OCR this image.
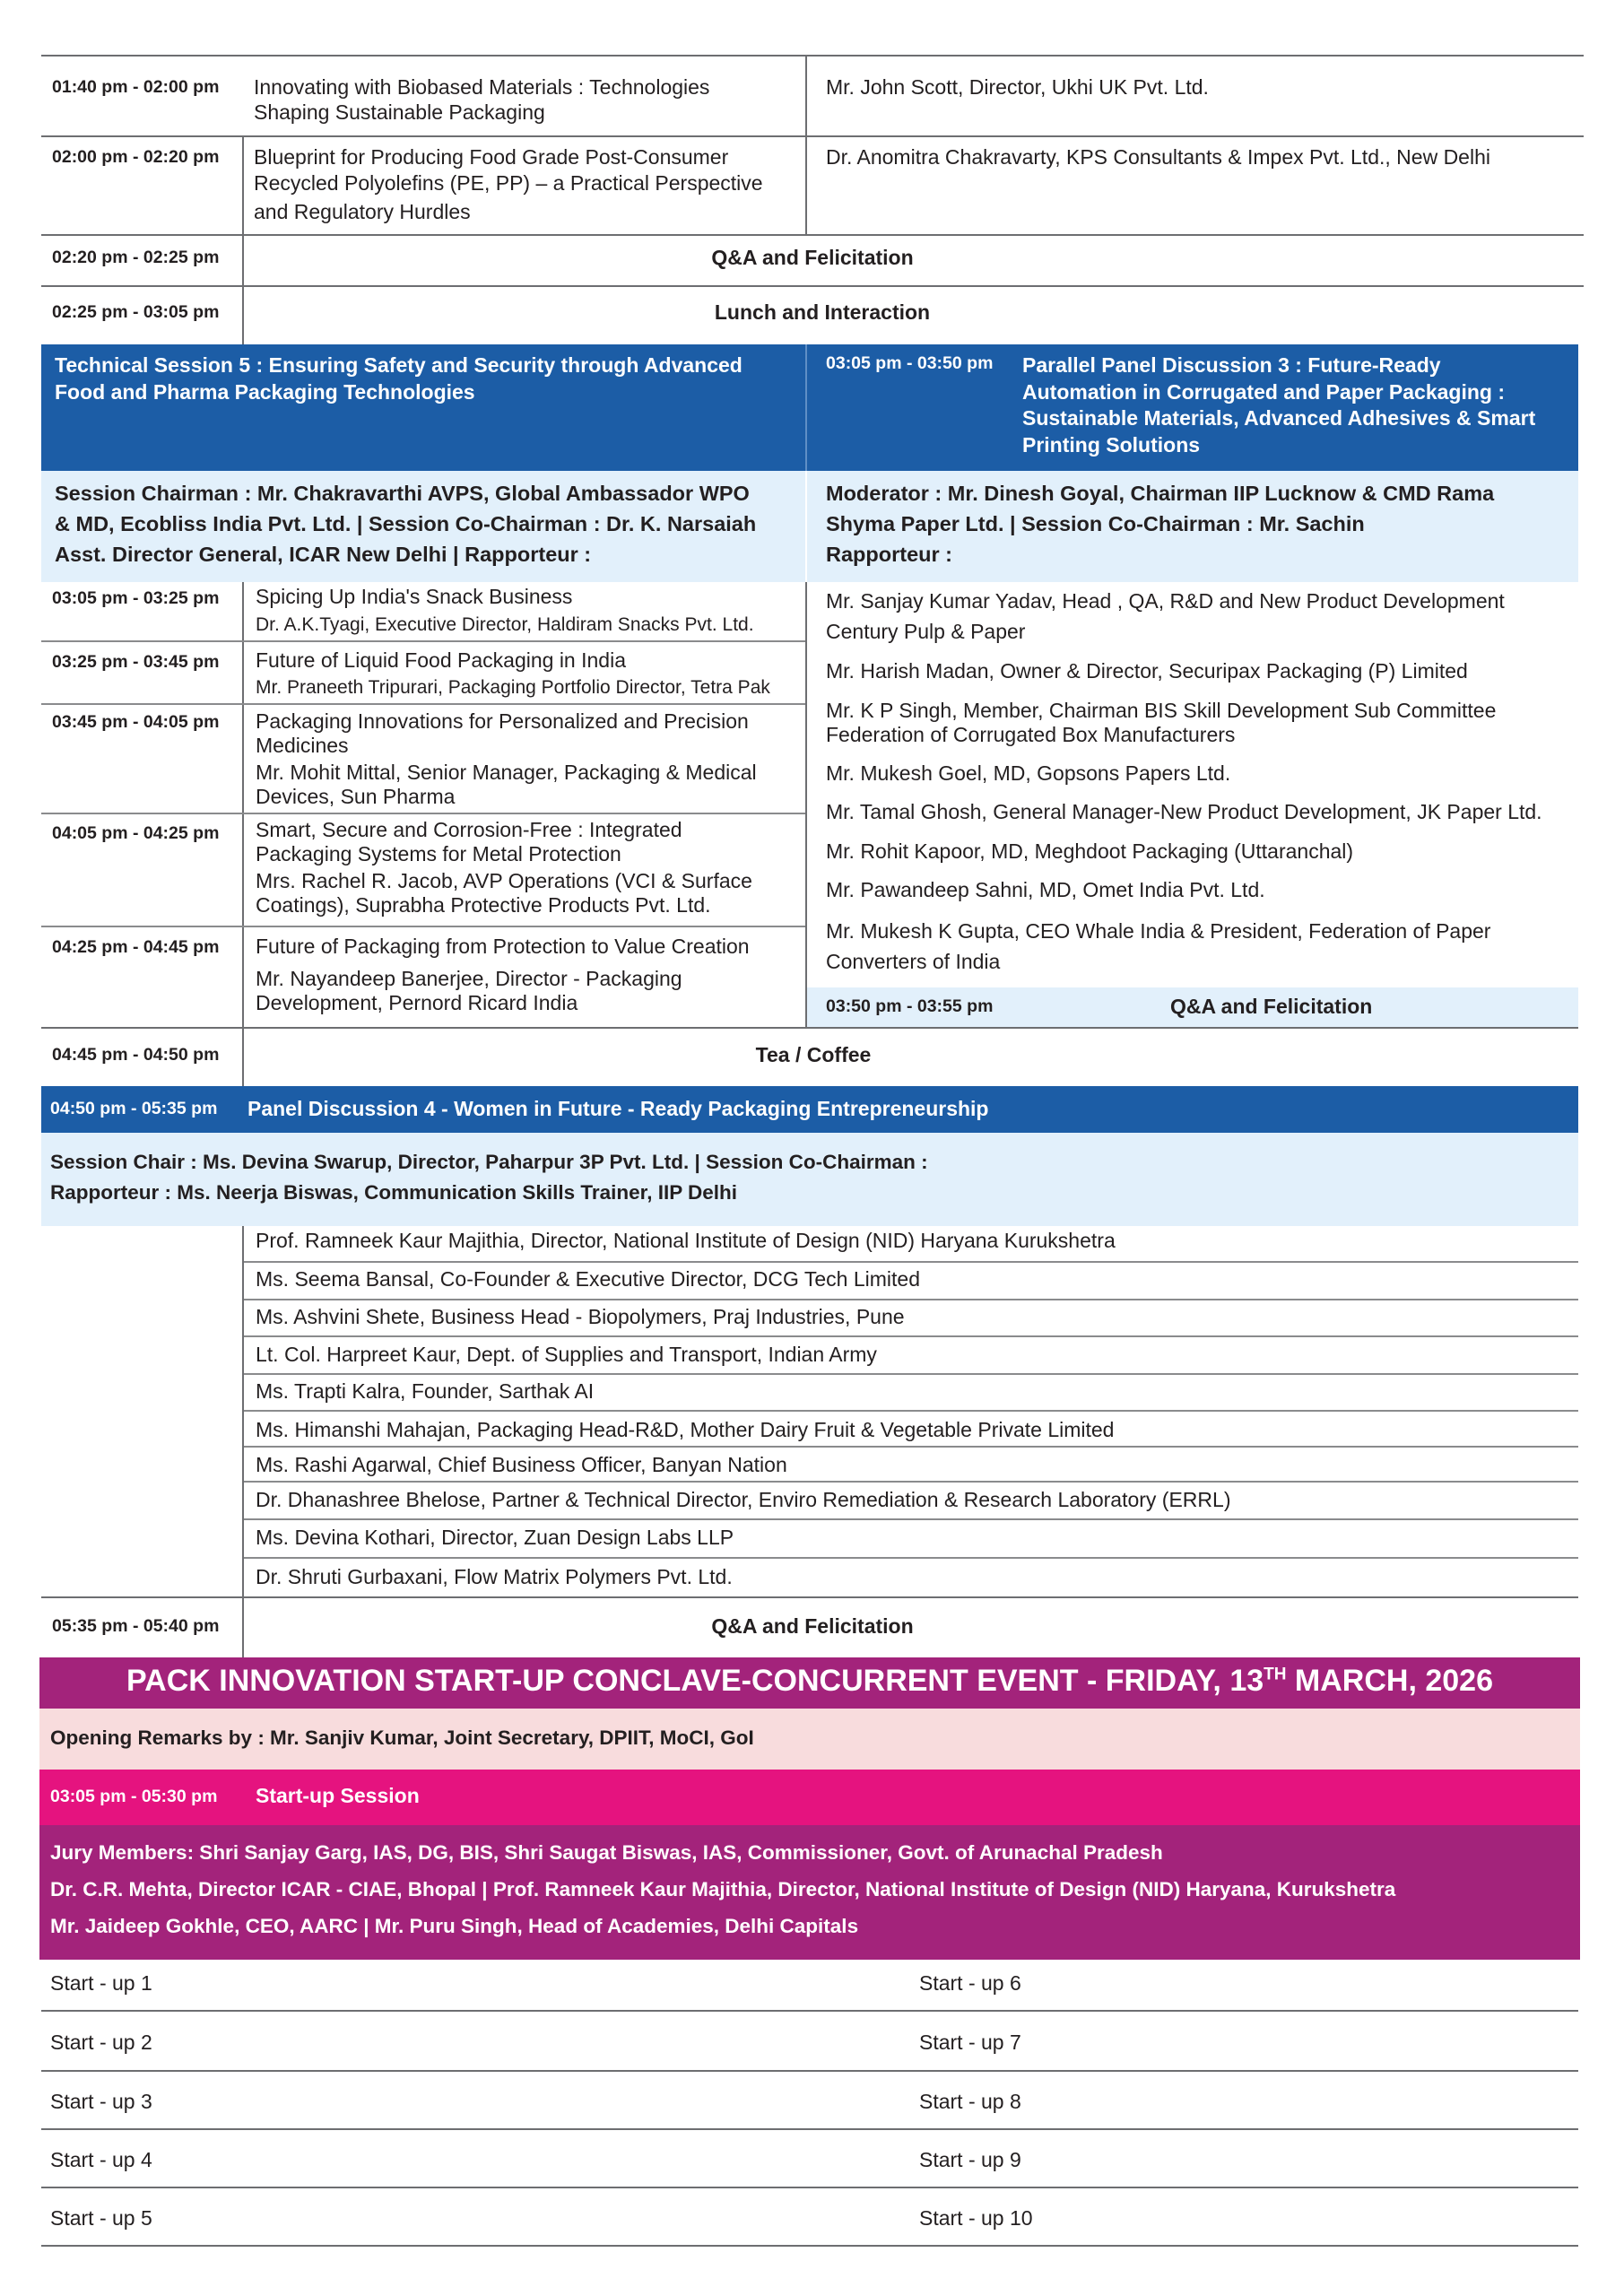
01:40 pm - 02:00 pm Innovating with Biobased Materials : Technologies
Shaping Sustainable Packaging
Mr. John Scott, Director, Ukhi UK Pvt. Ltd.
02:00 pm - 02:20 pm Blueprint for Producing Food Grade Post-Consumer
Recycled Polyolefins (PE, PP) – a Practical Perspective
and Regulatory Hurdles
Dr. Anomitra Chakravarty, KPS Consultants & Impex Pvt. Ltd., New Delhi
02:20 pm - 02:25 pm	Q&A and Felicitation
02:25 pm - 03:05 pm	Lunch and Interaction
Technical Session 5 : Ensuring Safety and Security through Advanced
Food and Pharma Packaging Technologies
03:05 pm - 03:50 pm Parallel Panel Discussion 3 : Future-Ready
Automation in Corrugated and Paper Packaging :
Sustainable Materials, Advanced Adhesives & Smart
Printing Solutions
Session Chairman : Mr. Chakravarthi AVPS, Global Ambassador WPO
& MD, Ecobliss India Pvt. Ltd. | Session Co-Chairman : Dr. K. Narsaiah
Asst. Director General, ICAR New Delhi | Rapporteur :
Moderator : Mr. Dinesh Goyal, Chairman IIP Lucknow & CMD Rama
Shyma Paper Ltd. | Session Co-Chairman : Mr. Sachin
Rapporteur :
03:05 pm - 03:25 pm Spicing Up India's Snack Business
Dr. A.K.Tyagi, Executive Director, Haldiram Snacks Pvt. Ltd.
03:25 pm - 03:45 pm Future of Liquid Food Packaging in India
Mr. Praneeth Tripurari, Packaging Portfolio Director, Tetra Pak
03:45 pm - 04:05 pm Packaging Innovations for Personalized and Precision
Medicines
Mr. Mohit Mittal, Senior Manager, Packaging & Medical
Devices, Sun Pharma
04:05 pm - 04:25 pm Smart, Secure and Corrosion-Free : Integrated
Packaging Systems for Metal Protection
Mrs. Rachel R. Jacob, AVP Operations (VCI & Surface
Coatings), Suprabha Protective Products Pvt. Ltd.
04:25 pm - 04:45 pm Future of Packaging from Protection to Value Creation
Mr. Nayandeep Banerjee, Director - Packaging
Development, Pernord Ricard India
Mr. Sanjay Kumar Yadav, Head , QA, R&D and New Product Development
Century Pulp & Paper
Mr. Harish Madan, Owner & Director, Securipax Packaging (P) Limited
Mr. K P Singh, Member, Chairman BIS Skill Development Sub Committee
Federation of Corrugated Box Manufacturers
Mr. Mukesh Goel, MD, Gopsons Papers Ltd.
Mr. Tamal Ghosh, General Manager-New Product Development, JK Paper Ltd.
Mr. Rohit Kapoor, MD, Meghdoot Packaging (Uttaranchal)
Mr. Pawandeep Sahni, MD, Omet India Pvt. Ltd.
Mr. Mukesh K Gupta, CEO Whale India & President, Federation of Paper
Converters of India
03:50 pm - 03:55 pm	Q&A and Felicitation
04:45 pm - 04:50 pm	Tea / Coffee
04:50 pm - 05:35 pm Panel Discussion 4 - Women in Future - Ready Packaging Entrepreneurship
Session Chair : Ms. Devina Swarup, Director, Paharpur 3P Pvt. Ltd. | Session Co-Chairman :
Rapporteur : Ms. Neerja Biswas, Communication Skills Trainer, IIP Delhi
Prof. Ramneek Kaur Majithia, Director, National Institute of Design (NID) Haryana Kurukshetra
Ms. Seema Bansal, Co-Founder & Executive Director, DCG Tech Limited
Ms. Ashvini Shete, Business Head - Biopolymers, Praj Industries, Pune
Lt. Col. Harpreet Kaur, Dept. of Supplies and Transport, Indian Army
Ms. Trapti Kalra, Founder, Sarthak AI
Ms. Himanshi Mahajan, Packaging Head-R&D, Mother Dairy Fruit & Vegetable Private Limited
Ms. Rashi Agarwal, Chief Business Officer, Banyan Nation
Dr. Dhanashree Bhelose, Partner & Technical Director, Enviro Remediation & Research Laboratory (ERRL)
Ms. Devina Kothari, Director, Zuan Design Labs LLP
Dr. Shruti Gurbaxani, Flow Matrix Polymers Pvt. Ltd.
05:35 pm - 05:40 pm	Q&A and Felicitation
PACK INNOVATION START-UP CONCLAVE-CONCURRENT EVENT - FRIDAY, 13TH MARCH, 2026
Opening Remarks by : Mr. Sanjiv Kumar, Joint Secretary, DPIIT, MoCI, GoI
03:05 pm - 05:30 pm Start-up Session
Jury Members: Shri Sanjay Garg, IAS, DG, BIS, Shri Saugat Biswas, IAS, Commissioner, Govt. of Arunachal Pradesh
Dr. C.R. Mehta, Director ICAR - CIAE, Bhopal | Prof. Ramneek Kaur Majithia, Director, National Institute of Design (NID) Haryana, Kurukshetra
Mr. Jaideep Gokhle, CEO, AARC | Mr. Puru Singh, Head of Academies, Delhi Capitals
Start - up 1	Start - up 6
Start - up 2	Start - up 7
Start - up 3	Start - up 8
Start - up 4	Start - up 9
Start - up 5	Start - up 10
